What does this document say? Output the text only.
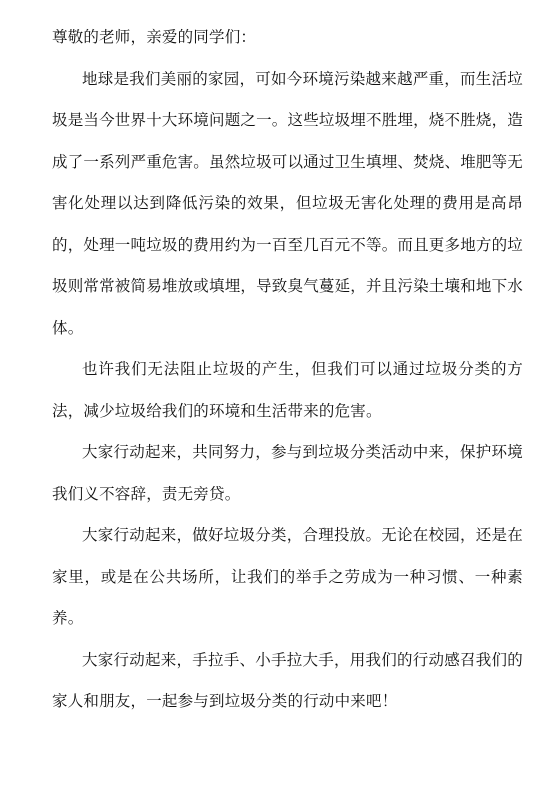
尊敬的老师，亲爱的同学们：

地球是我们美丽的家园，可如今环境污染越来越严重，而生活垃圾是当今世界十大环境问题之一。这些垃圾埋不胜埋，烧不胜烧，造成了一系列严重危害。虽然垃圾可以通过卫生填埋、焚烧、堆肥等无害化处理以达到降低污染的效果，但垃圾无害化处理的费用是高昂的，处理一吨垃圾的费用约为一百至几百元不等。而且更多地方的垃圾则常常被简易堆放或填埋，导致臭气蔓延，并且污染土壤和地下水体。

也许我们无法阻止垃圾的产生，但我们可以通过垃圾分类的方法，减少垃圾给我们的环境和生活带来的危害。

大家行动起来，共同努力，参与到垃圾分类活动中来，保护环境我们义不容辞，责无旁贷。

大家行动起来，做好垃圾分类，合理投放。无论在校园，还是在家里，或是在公共场所，让我们的举手之劳成为一种习惯、一种素养。

大家行动起来，手拉手、小手拉大手，用我们的行动感召我们的家人和朋友，一起参与到垃圾分类的行动中来吧！
